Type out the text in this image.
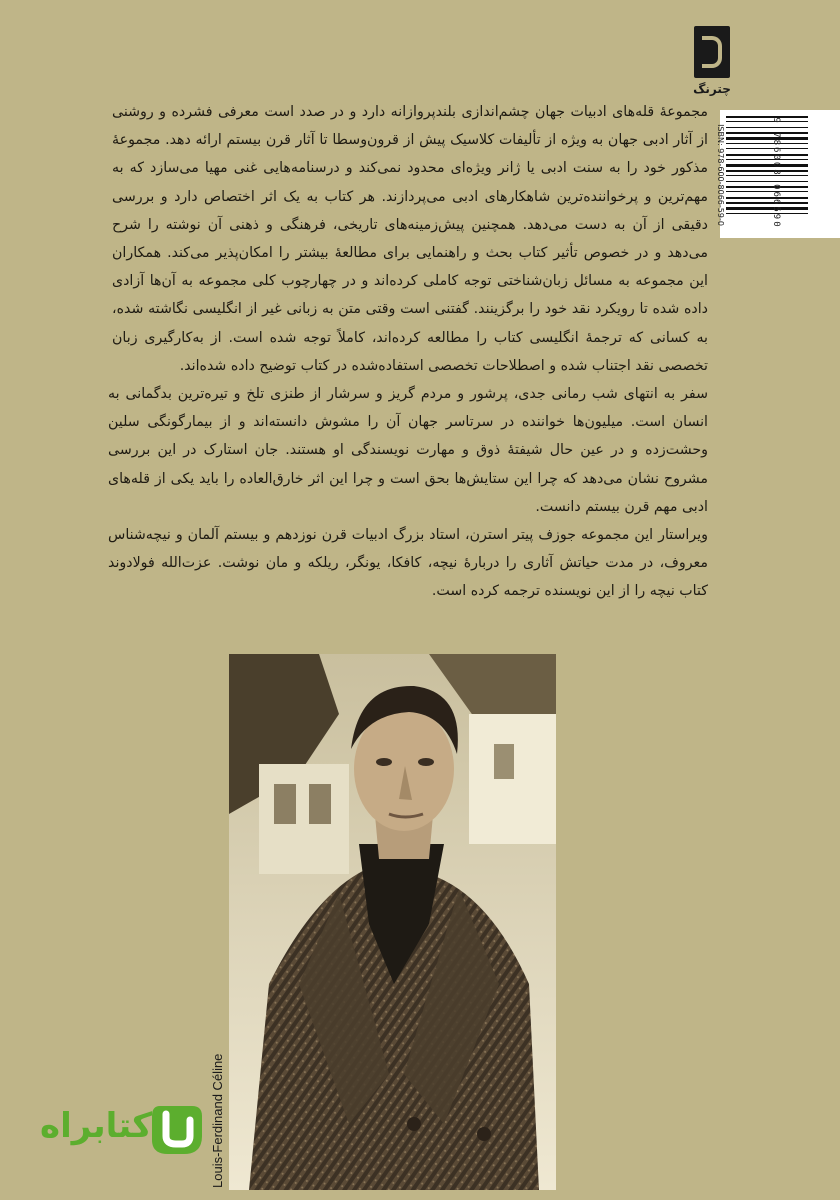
چترنگ
ISBN: 978-600-8066-59-0	9 786008 066590

مجموعهٔ قله‌های ادبیات جهان چشم‌اندازی بلندپروازانه دارد و در صدد است معرفی فشرده و روشنی از آثار ادبی جهان به ویژه از تألیفات کلاسیک پیش از قرون‌وسطا تا آثار قرن بیستم ارائه دهد. مجموعهٔ مذکور خود را به سنت ادبی یا ژانر ویژه‌ای محدود نمی‌کند و درسنامه‌هایی غنی مهیا می‌سازد که به مهم‌ترین و پرخواننده‌ترین شاهکارهای ادبی می‌پردازند. هر کتاب به یک اثر اختصاص دارد و بررسی دقیقی از آن به دست می‌دهد. همچنین پیش‌زمینه‌های تاریخی، فرهنگی و ذهنی آن نوشته را شرح می‌دهد و در خصوص تأثیر کتاب بحث و راهنمایی برای مطالعهٔ بیشتر را امکان‌پذیر می‌کند. همکاران این مجموعه به مسائل زبان‌شناختی توجه کاملی کرده‌اند و در چهارچوب کلی مجموعه به آن‌ها آزادی داده شده تا رویکرد نقد خود را برگزینند. گفتنی است وقتی متن به زبانی غیر از انگلیسی نگاشته شده، به کسانی که ترجمهٔ انگلیسی کتاب را مطالعه کرده‌اند، کاملاً توجه شده است. از به‌کارگیری زبان تخصصی نقد اجتناب شده و اصطلاحات تخصصی استفاده‌شده در کتاب توضیح داده شده‌اند.

سفر به انتهای شب رمانی جدی، پرشور و مردم گریز و سرشار از طنزی تلخ و تیره‌ترین بدگمانی به انسان است. میلیون‌ها خواننده در سرتاسر جهان آن را مشوش دانسته‌اند و از بیمارگونگی سلین وحشت‌زده و در عین حال شیفتهٔ ذوق و مهارت نویسندگی او هستند. جان استارک در این بررسی مشروح نشان می‌دهد که چرا این ستایش‌ها بحق است و چرا این اثر خارق‌العاده را باید یکی از قله‌های ادبی مهم قرن بیستم دانست.

ویراستار این مجموعه جوزف پیتر استرن، استاد بزرگ ادبیات قرن نوزدهم و بیستم آلمان و نیچه‌شناس معروف، در مدت حیاتش آثاری را دربارهٔ نیچه، کافکا، یونگر، ریلکه و مان نوشت. عزت‌الله فولادوند کتاب نیچه را از این نویسنده ترجمه کرده است.

Louis-Ferdinand Céline
کتابراه
